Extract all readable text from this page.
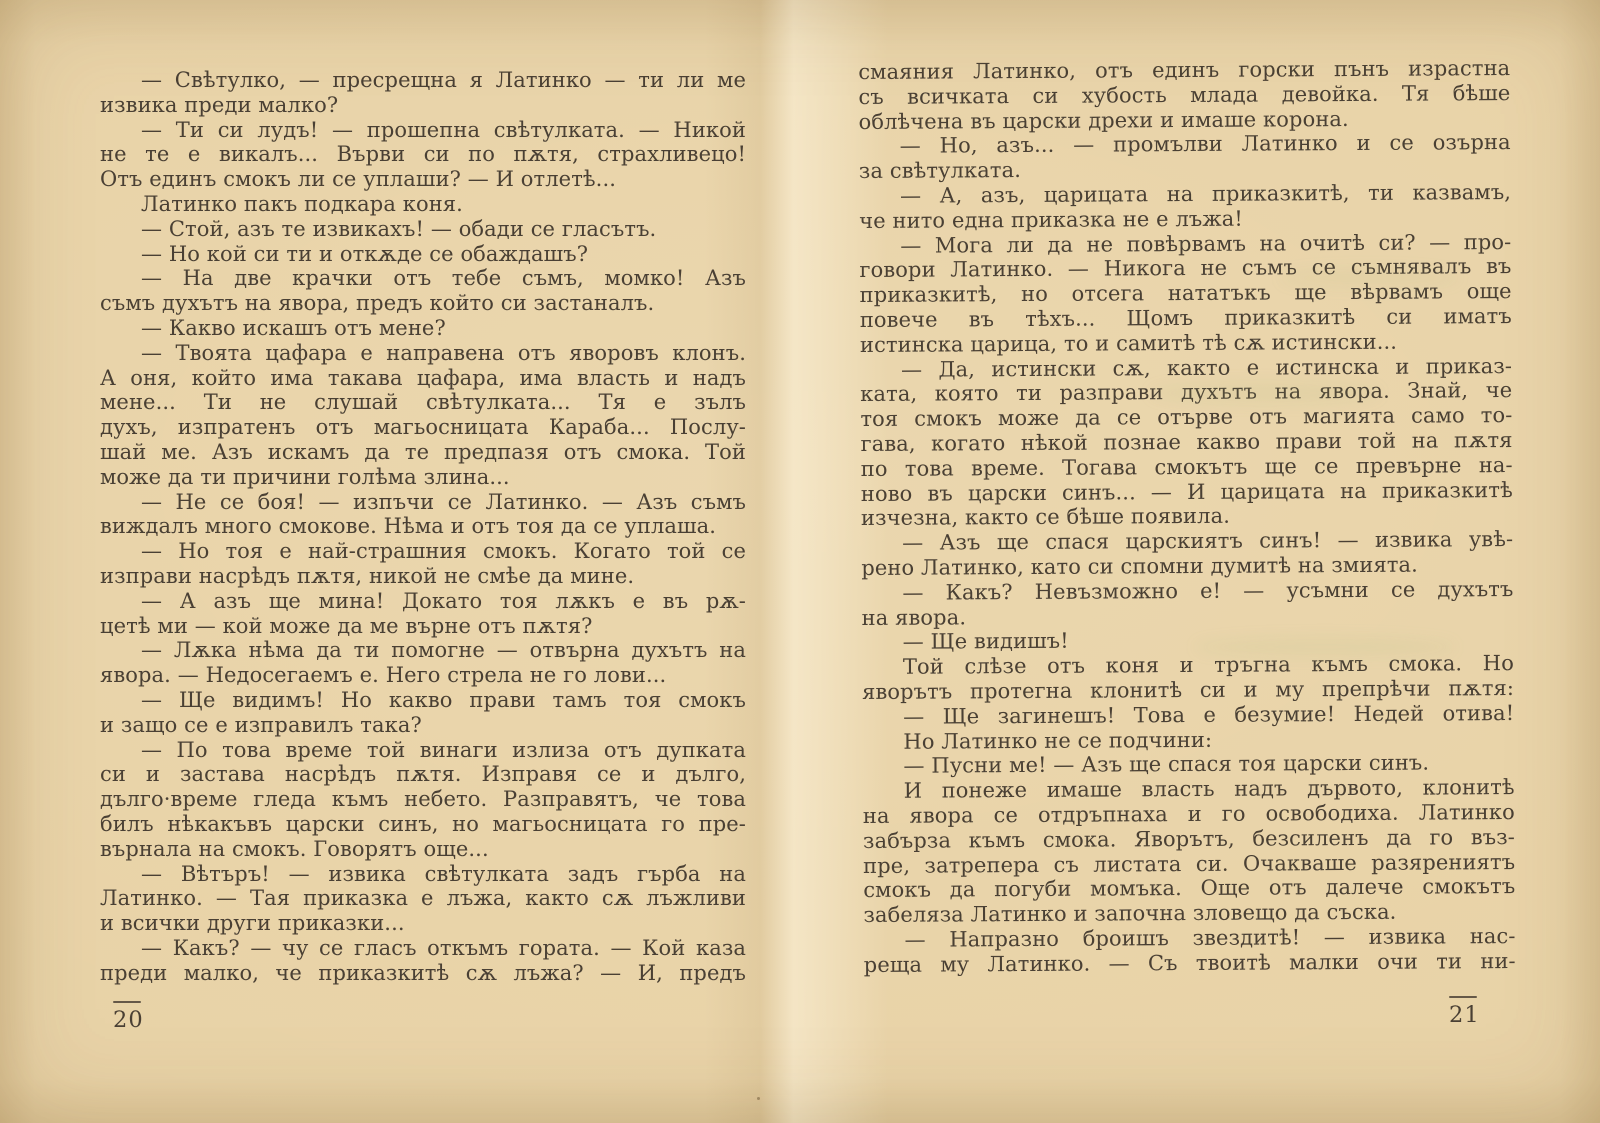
— Свѣтулко, — пресрещна я Латинко — ти ли ме
извика преди малко?
— Ти си лудъ! — прошепна свѣтулката. — Никой
не те е викалъ... Върви си по пѫтя, страхливецо!
Отъ единъ смокъ ли се уплаши? — И отлетѣ...
Латинко пакъ подкара коня.
— Стой, азъ те извикахъ! — обади се гласътъ.
— Но кой си ти и откѫде се обаждашъ?
— На две крачки отъ тебе съмъ, момко! Азъ
съмъ духътъ на явора, предъ който си застаналъ.
— Какво искашъ отъ мене?
— Твоята цафара е направена отъ яворовъ клонъ.
А оня, който има такава цафара, има власть и надъ
мене... Ти не слушай свѣтулката... Тя е зълъ
духъ, изпратенъ отъ магьосницата Караба... Послу-
шай ме. Азъ искамъ да те предпазя отъ смока. Той
може да ти причини голѣма злина...
— Не се боя! — изпъчи се Латинко. — Азъ съмъ
виждалъ много смокове. Нѣма и отъ тоя да се уплаша.
— Но тоя е най-страшния смокъ. Когато той се
изправи насрѣдъ пѫтя, никой не смѣе да мине.
— А азъ ще мина! Докато тоя лѫкъ е въ рѫ-
цетѣ ми — кой може да ме върне отъ пѫтя?
— Лѫка нѣма да ти помогне — отвърна духътъ на
явора. — Недосегаемъ е. Него стрела не го лови...
— Ще видимъ! Но какво прави тамъ тоя смокъ
и защо се е изправилъ така?
— По това време той винаги излиза отъ дупката
си и застава насрѣдъ пѫтя. Изправя се и дълго,
дълго·време гледа къмъ небето. Разправятъ, че това
билъ нѣкакъвъ царски синъ, но магьосницата го пре-
върнала на смокъ. Говорятъ още...
— Вѣтъръ! — извика свѣтулката задъ гърба на
Латинко. — Тая приказка е лъжа, както сѫ лъжливи
и всички други приказки...
— Какъ? — чу се гласъ откъмъ гората. — Кой каза
преди малко, че приказкитѣ сѫ лъжа? — И, предъ
смаяния Латинко, отъ единъ горски пънъ израстна
съ всичката си хубость млада девойка. Тя бѣше
облѣчена въ царски дрехи и имаше корона.
— Но, азъ... — промълви Латинко и се озърна
за свѣтулката.
— А, азъ, царицата на приказкитѣ, ти казвамъ,
че нито една приказка не е лъжа!
— Мога ли да не повѣрвамъ на очитѣ си? — про-
говори Латинко. — Никога не съмъ се съмнявалъ въ
приказкитѣ, но отсега нататъкъ ще вѣрвамъ още
повече въ тѣхъ... Щомъ приказкитѣ си иматъ
истинска царица, то и самитѣ тѣ сѫ истински...
— Да, истински сѫ, както е истинска и приказ-
ката, която ти разправи духътъ на явора. Знай, че
тоя смокъ може да се отърве отъ магията само то-
гава, когато нѣкой познае какво прави той на пѫтя
по това време. Тогава смокътъ ще се превърне на-
ново въ царски синъ... — И царицата на приказкитѣ
изчезна, както се бѣше появила.
— Азъ ще спася царскиятъ синъ! — извика увѣ-
рено Латинко, като си спомни думитѣ на змията.
— Какъ? Невъзможно е! — усъмни се духътъ
на явора.
— Ще видишъ!
Той слѣзе отъ коня и тръгна къмъ смока. Но
яворътъ протегна клонитѣ си и му препрѣчи пѫтя:
— Ще загинешъ! Това е безумие! Недей отива!
Но Латинко не се подчини:
— Пусни ме! — Азъ ще спася тоя царски синъ.
И понеже имаше власть надъ дървото, клонитѣ
на явора се отдръпнаха и го освободиха. Латинко
забърза къмъ смока. Яворътъ, безсиленъ да го въз-
пре, затрепера съ листата си. Очакваше разярениятъ
смокъ да погуби момъка. Още отъ далече смокътъ
забеляза Латинко и започна зловещо да съска.
— Напразно броишъ звездитѣ! — извика нас-
реща му Латинко. — Съ твоитѣ малки очи ти ни-
20	21
